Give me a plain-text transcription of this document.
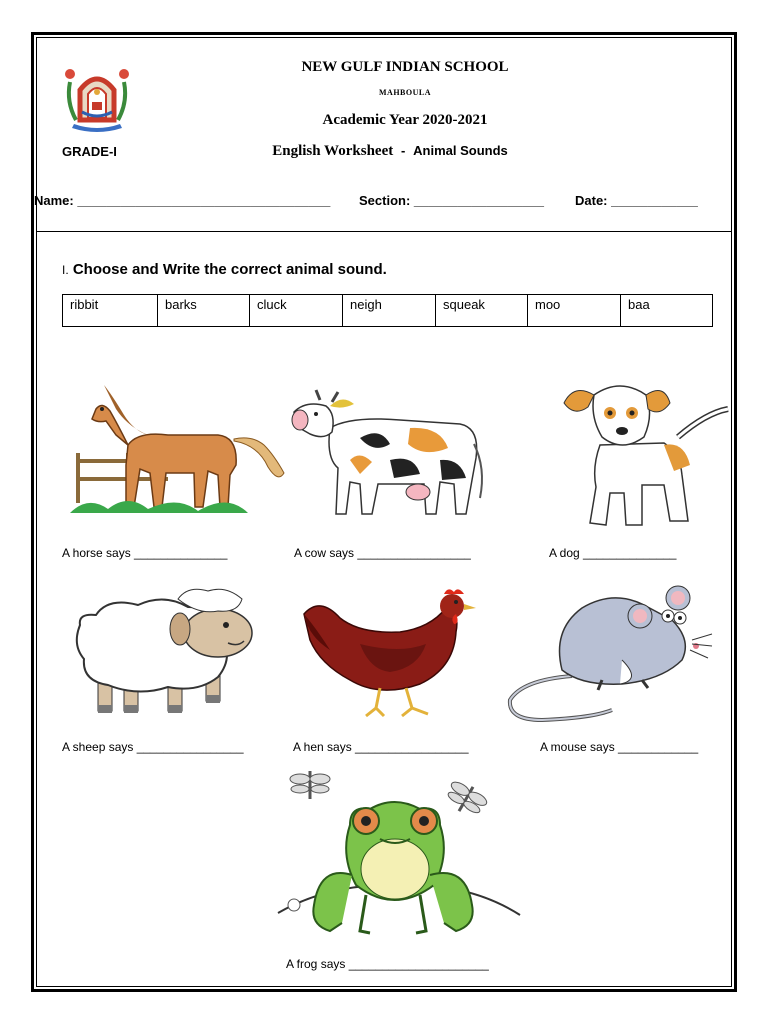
NEW GULF INDIAN SCHOOL
MAHBOULA
Academic Year 2020-2021
GRADE-I	English Worksheet - Animal Sounds
Name: ___________________________________ Section: __________________ Date: ____________
I. Choose and Write the correct animal sound.
ribbit	barks	cluck	neigh	squeak	moo	baa
A horse says ______________	A cow says _________________	A dog ______________
A sheep says ________________	A hen says _________________	A mouse says ____________
A frog says _____________________
